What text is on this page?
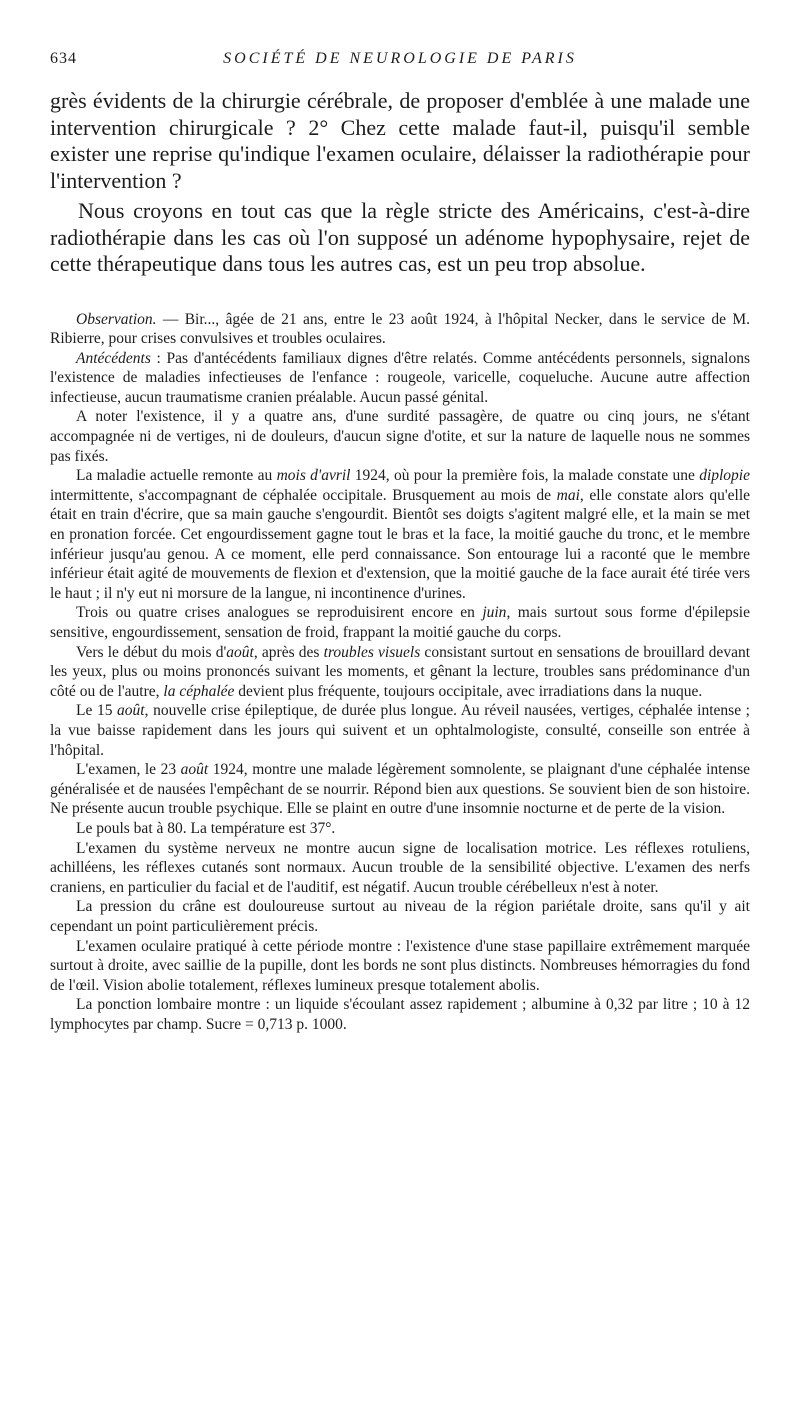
634	SOCIÉTÉ DE NEUROLOGIE DE PARIS

grès évidents de la chirurgie cérébrale, de proposer d'emblée à une malade une intervention chirurgicale ? 2° Chez cette malade faut-il, puisqu'il semble exister une reprise qu'indique l'examen oculaire, délaisser la radiothérapie pour l'intervention ?

Nous croyons en tout cas que la règle stricte des Américains, c'est-à-dire radiothérapie dans les cas où l'on supposé un adénome hypophysaire, rejet de cette thérapeutique dans tous les autres cas, est un peu trop absolue.

Observation. — Bir..., âgée de 21 ans, entre le 23 août 1924, à l'hôpital Necker, dans le service de M. Ribierre, pour crises convulsives et troubles oculaires.

Antécédents : Pas d'antécédents familiaux dignes d'être relatés. Comme antécédents personnels, signalons l'existence de maladies infectieuses de l'enfance : rougeole, varicelle, coqueluche. Aucune autre affection infectieuse, aucun traumatisme cranien préalable. Aucun passé génital.

A noter l'existence, il y a quatre ans, d'une surdité passagère, de quatre ou cinq jours, ne s'étant accompagnée ni de vertiges, ni de douleurs, d'aucun signe d'otite, et sur la nature de laquelle nous ne sommes pas fixés.

La maladie actuelle remonte au mois d'avril 1924, où pour la première fois, la malade constate une diplopie intermittente, s'accompagnant de céphalée occipitale. Brusquement au mois de mai, elle constate alors qu'elle était en train d'écrire, que sa main gauche s'engourdit. Bientôt ses doigts s'agitent malgré elle, et la main se met en pronation forcée. Cet engourdissement gagne tout le bras et la face, la moitié gauche du tronc, et le membre inférieur jusqu'au genou. A ce moment, elle perd connaissance. Son entourage lui a raconté que le membre inférieur était agité de mouvements de flexion et d'extension, que la moitié gauche de la face aurait été tirée vers le haut ; il n'y eut ni morsure de la langue, ni incontinence d'urines.

Trois ou quatre crises analogues se reproduisirent encore en juin, mais surtout sous forme d'épilepsie sensitive, engourdissement, sensation de froid, frappant la moitié gauche du corps.

Vers le début du mois d'août, après des troubles visuels consistant surtout en sensations de brouillard devant les yeux, plus ou moins prononcés suivant les moments, et gênant la lecture, troubles sans prédominance d'un côté ou de l'autre, la céphalée devient plus fréquente, toujours occipitale, avec irradiations dans la nuque.

Le 15 août, nouvelle crise épileptique, de durée plus longue. Au réveil nausées, vertiges, céphalée intense ; la vue baisse rapidement dans les jours qui suivent et un ophtalmologiste, consulté, conseille son entrée à l'hôpital.

L'examen, le 23 août 1924, montre une malade légèrement somnolente, se plaignant d'une céphalée intense généralisée et de nausées l'empêchant de se nourrir. Répond bien aux questions. Se souvient bien de son histoire. Ne présente aucun trouble psychique. Elle se plaint en outre d'une insomnie nocturne et de perte de la vision.

Le pouls bat à 80. La température est 37°.

L'examen du système nerveux ne montre aucun signe de localisation motrice. Les réflexes rotuliens, achilléens, les réflexes cutanés sont normaux. Aucun trouble de la sensibilité objective. L'examen des nerfs craniens, en particulier du facial et de l'auditif, est négatif. Aucun trouble cérébelleux n'est à noter.

La pression du crâne est douloureuse surtout au niveau de la région pariétale droite, sans qu'il y ait cependant un point particulièrement précis.

L'examen oculaire pratiqué à cette période montre : l'existence d'une stase papillaire extrêmement marquée surtout à droite, avec saillie de la pupille, dont les bords ne sont plus distincts. Nombreuses hémorragies du fond de l'œil. Vision abolie totalement, réflexes lumineux presque totalement abolis.

La ponction lombaire montre : un liquide s'écoulant assez rapidement ; albumine à 0,32 par litre ; 10 à 12 lymphocytes par champ. Sucre = 0,713 p. 1000.
